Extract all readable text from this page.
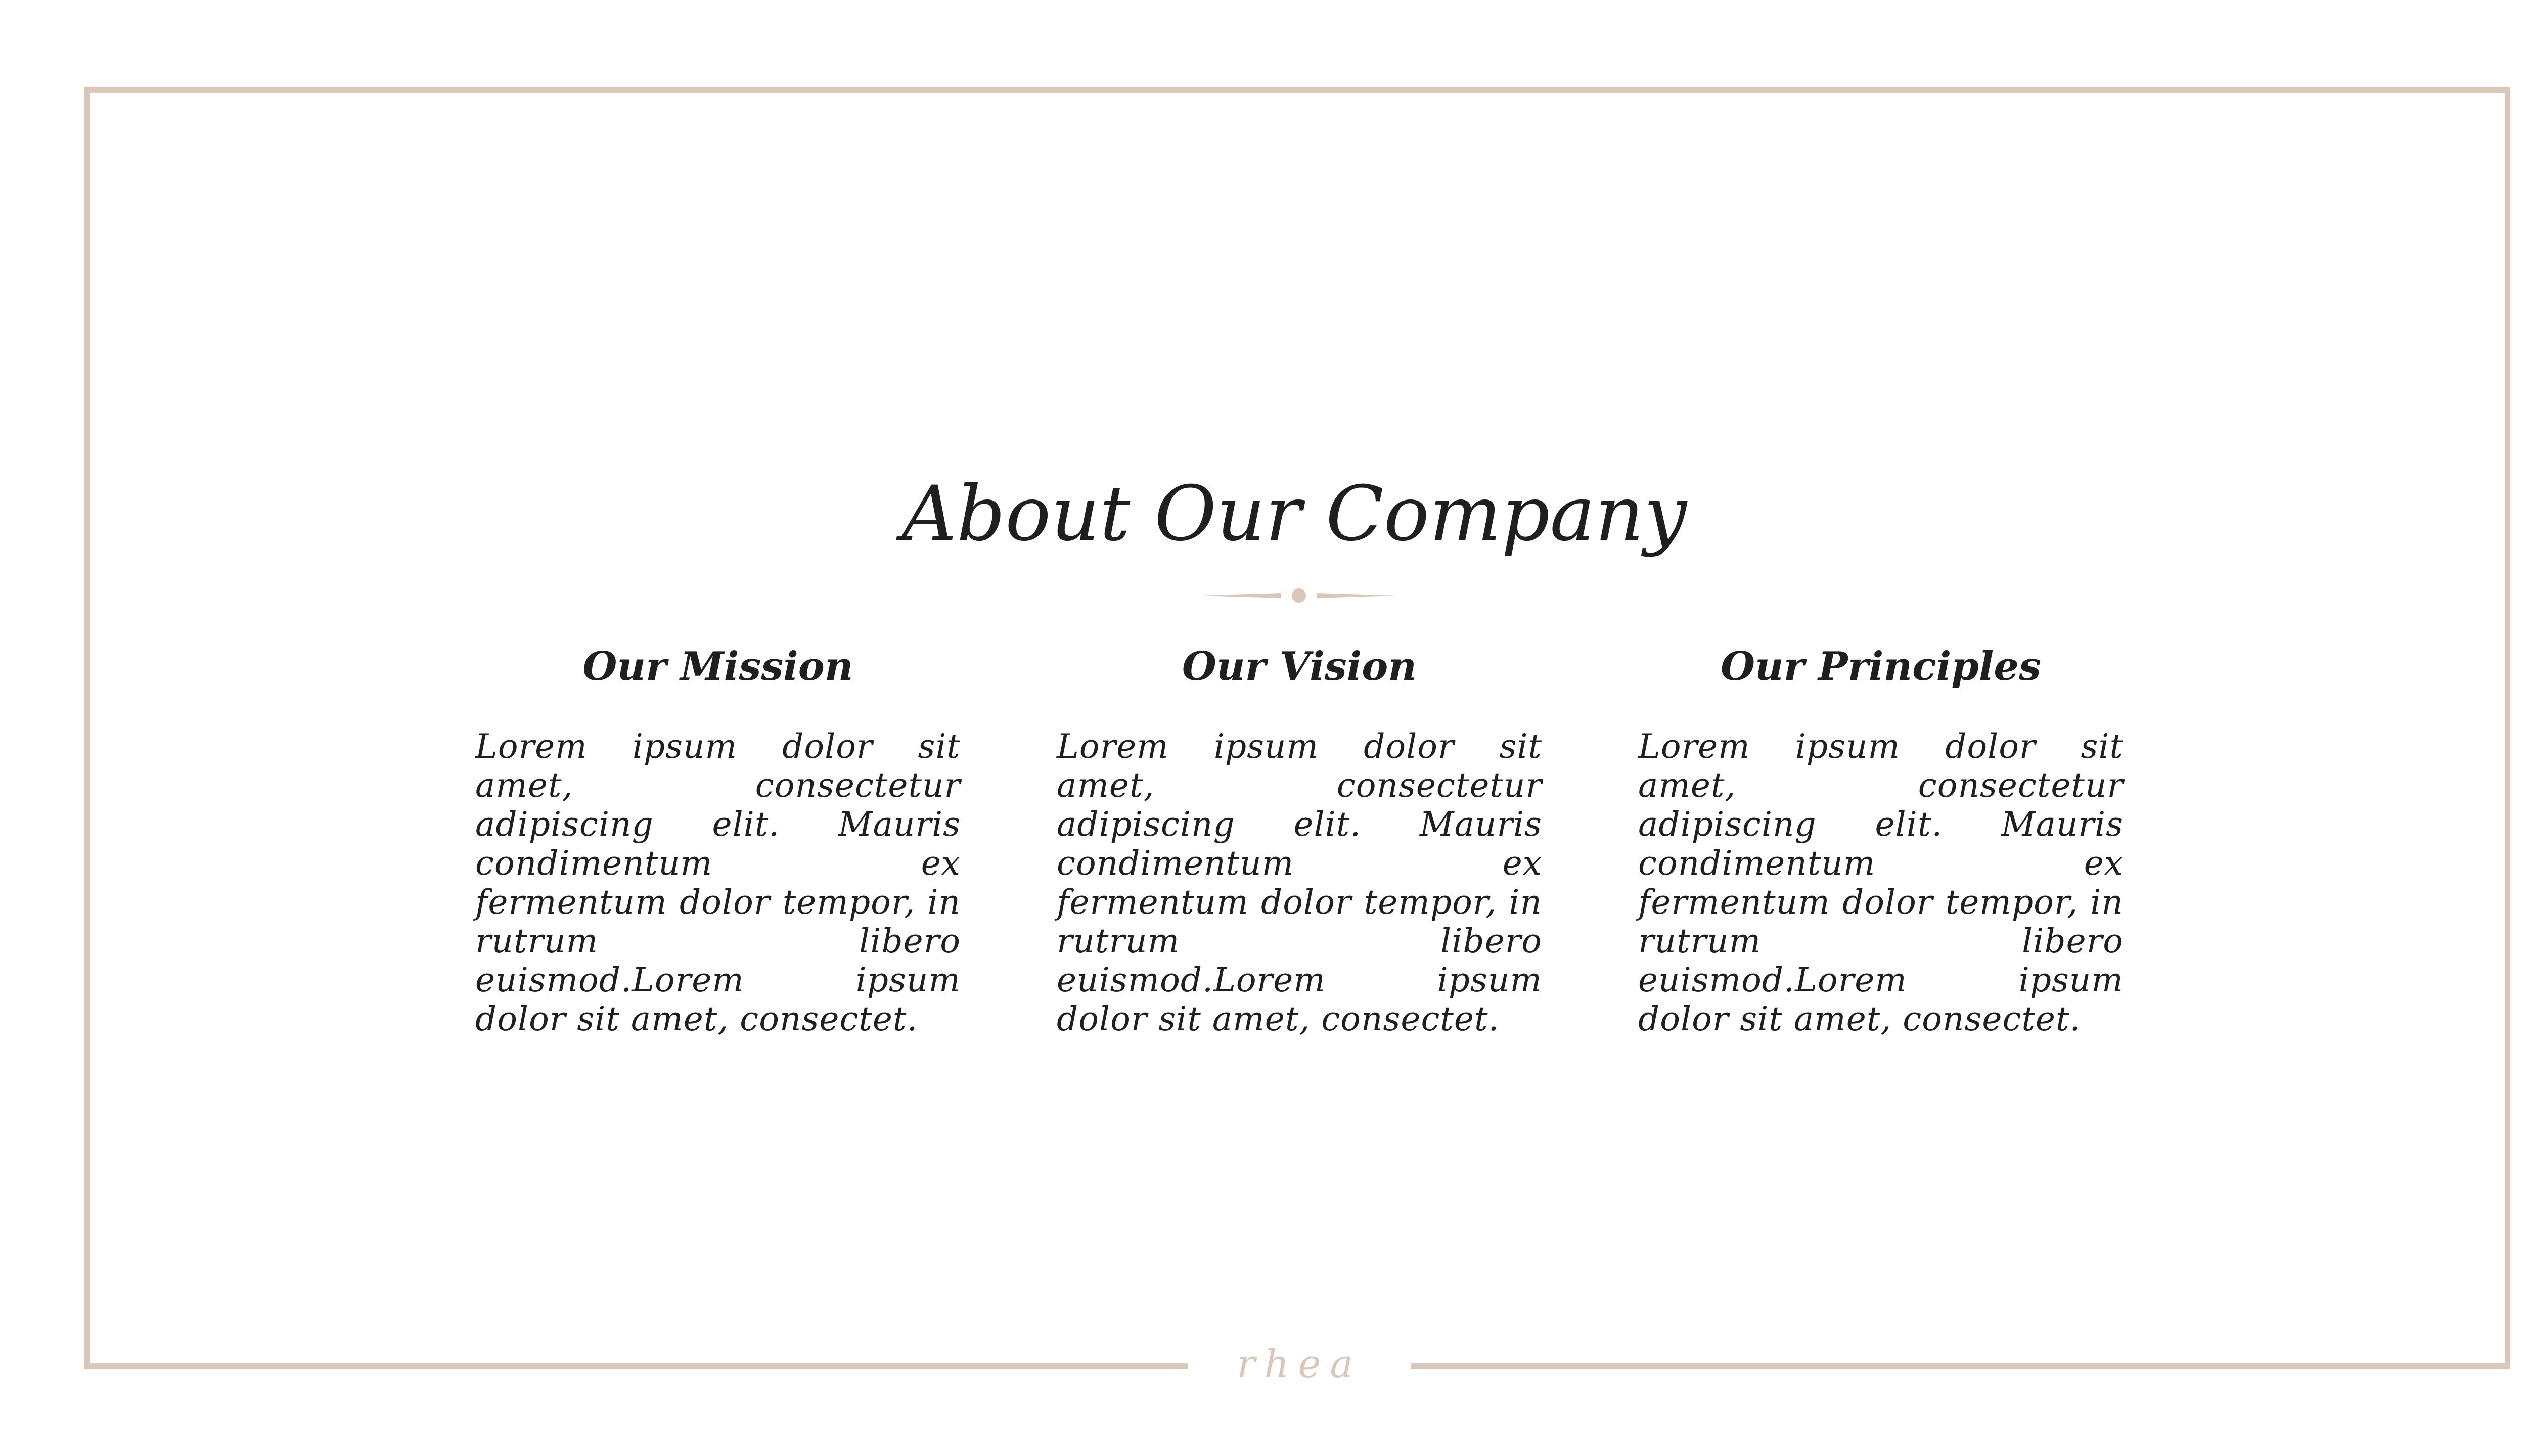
rhea
About Our Company
Our Mission

Lorem ipsum dolor sit amet, consectetur adipiscing elit. Mauris condimentum ex fermentum dolor tempor, in rutrum libero euismod.Lorem ipsum dolor sit amet, consectet.

Our Vision

Lorem ipsum dolor sit amet, consectetur adipiscing elit. Mauris condimentum ex fermentum dolor tempor, in rutrum libero euismod.Lorem ipsum dolor sit amet, consectet.

Our Principles

Lorem ipsum dolor sit amet, consectetur adipiscing elit. Mauris condimentum ex fermentum dolor tempor, in rutrum libero euismod.Lorem ipsum dolor sit amet, consectet.
